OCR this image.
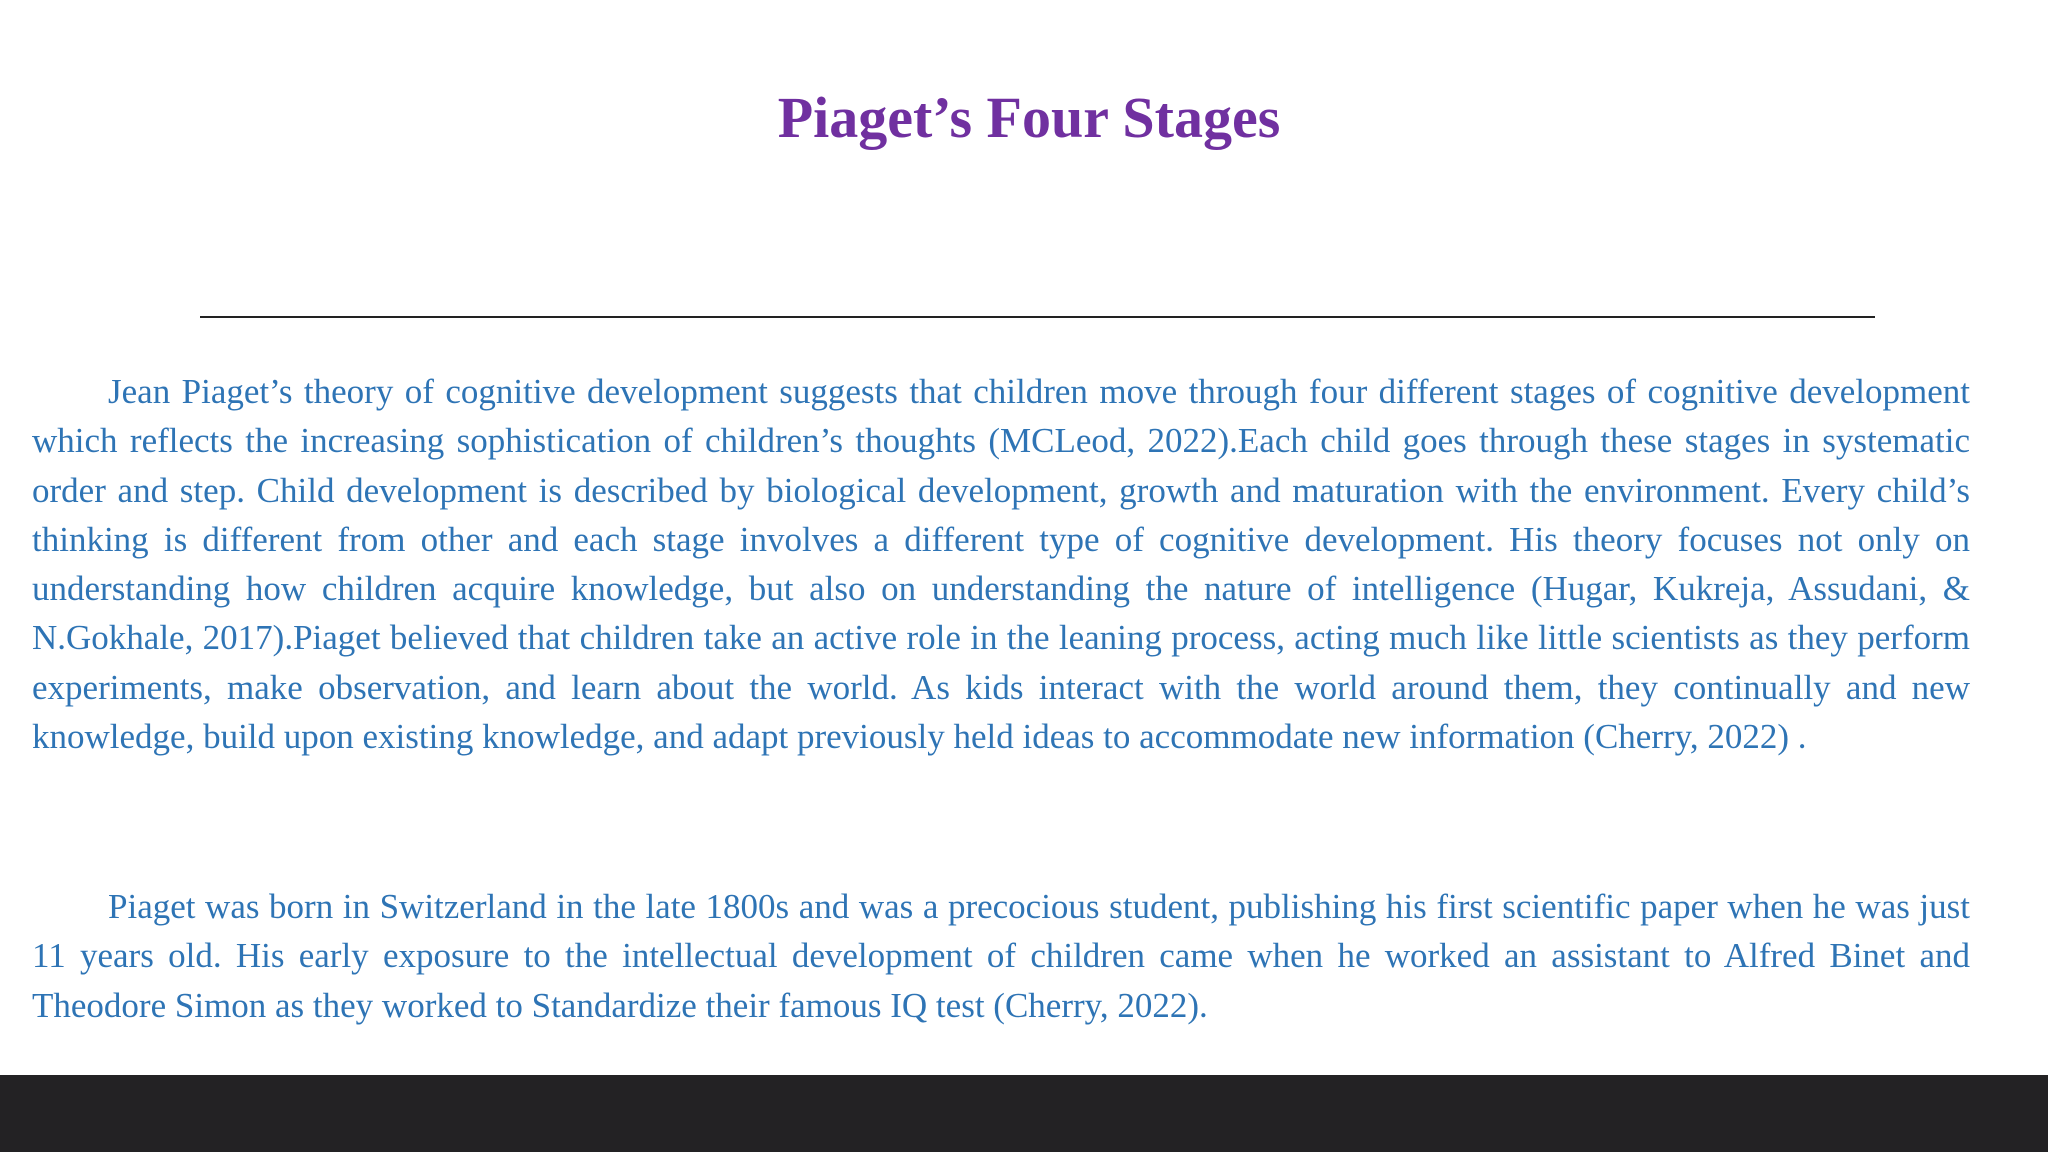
Piaget’s Four Stages

Jean Piaget’s theory of cognitive development suggests that children move through four different stages of cognitive development which reflects the increasing sophistication of children’s thoughts (MCLeod, 2022).Each child goes through these stages in systematic order and step. Child development is described by biological development, growth and maturation with the environment. Every child’s thinking is different from other and each stage involves a different type of cognitive development. His theory focuses not only on understanding how children acquire knowledge, but also on understanding the nature of intelligence (Hugar, Kukreja, Assudani, & N.Gokhale, 2017).Piaget believed that children take an active role in the leaning process, acting much like little scientists as they perform experiments, make observation, and learn about the world. As kids interact with the world around them, they continually and new knowledge, build upon existing knowledge, and adapt previously held ideas to accommodate new information (Cherry, 2022) .

Piaget was born in Switzerland in the late 1800s and was a precocious student, publishing his first scientific paper when he was just 11 years old. His early exposure to the intellectual development of children came when he worked an assistant to Alfred Binet and Theodore Simon as they worked to Standardize their famous IQ test (Cherry, 2022).
